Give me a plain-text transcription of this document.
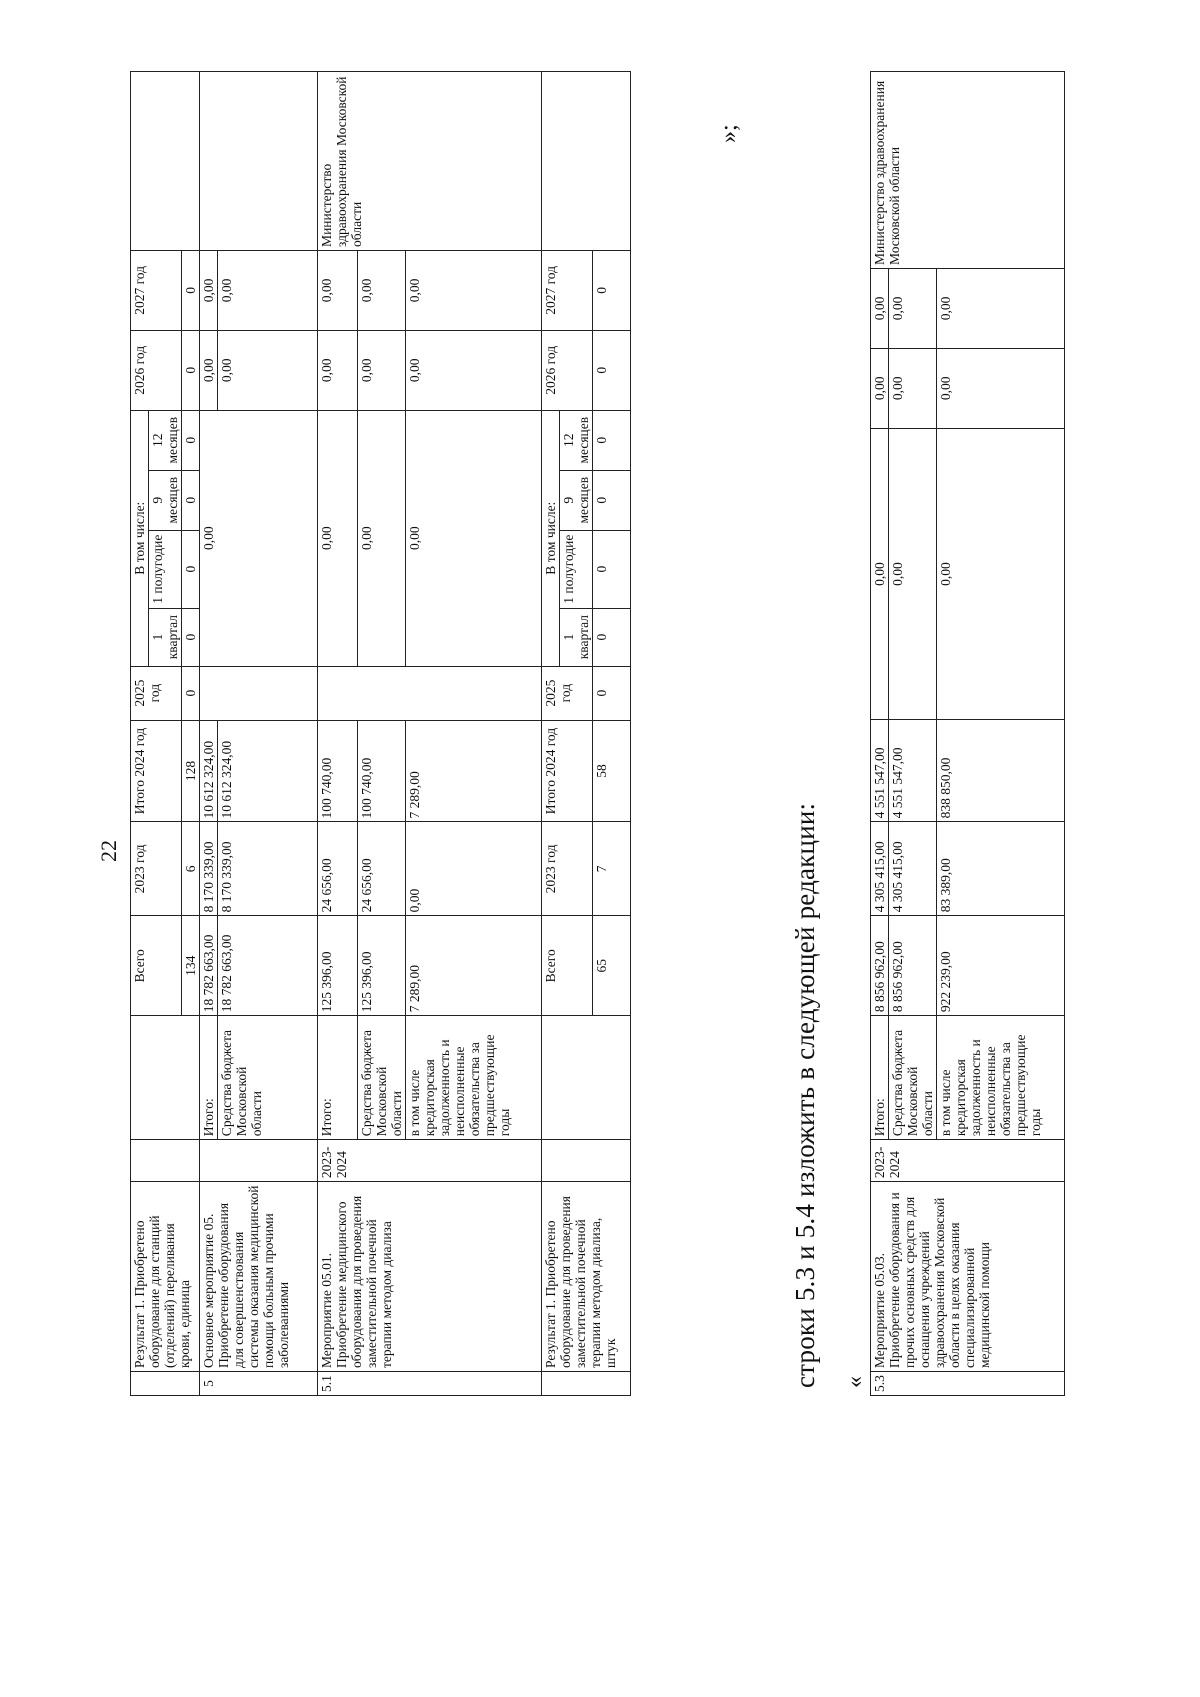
22
	Результат 1. Приобретено оборудование для станций (отделений) переливания крови, единица			Всего	2023 год	Итого 2024 год	2025 год	В том числе:				2026 год	2027 год	
								1 квартал	1 полугодие	9 месяцев	12 месяцев			
				134	6	128	0	0	0	0	0	0	0	
5	Основное мероприятие 05. Приобретение оборудования для совершенствования системы оказания медицинской помощи больным прочими заболеваниями		Итого:	18 782 663,00	8 170 339,00	10 612 324,00		0,00				0,00	0,00	
			Средства бюджета Московской области	18 782 663,00	8 170 339,00	10 612 324,00						0,00	0,00	
5.1	Мероприятие 05.01. Приобретение медицинского оборудования для проведения заместительной почечной терапии методом диализа	2023-2024	Итого:	125 396,00	24 656,00	100 740,00		0,00				0,00	0,00	Министерство здравоохранения Московской области
			Средства бюджета Московской области	125 396,00	24 656,00	100 740,00		0,00				0,00	0,00	
			в том числе кредиторская задолженность и неисполненные обязательства за предшествующие годы	7 289,00	0,00	7 289,00		0,00				0,00	0,00	
	Результат 1. Приобретено оборудование для проведения заместительной почечной терапии методом диализа, штук			Всего	2023 год	Итого 2024 год	2025 год	В том числе:				2026 год	2027 год	
								1 квартал	1 полугодие	9 месяцев	12 месяцев			
				65	7	58	0	0	0	0	0	0	0	
»;
строки 5.3 и 5.4 изложить в следующей редакции: « 5.3	Мероприятие 05.03. Приобретение оборудования и прочих основных средств для оснащения учреждений здравоохранения Московской области в целях оказания специализированной медицинской помощи	2023-2024	Итого:	8 856 962,00	4 305 415,00	4 551 547,00	0,00	0,00	0,00	Министерство здравоохранения Московской области
			Средства бюджета Московской области	8 856 962,00	4 305 415,00	4 551 547,00	0,00	0,00	0,00	
			в том числе кредиторская задолженность и неисполненные обязательства за предшествующие годы	922 239,00	83 389,00	838 850,00	0,00	0,00	0,00	
